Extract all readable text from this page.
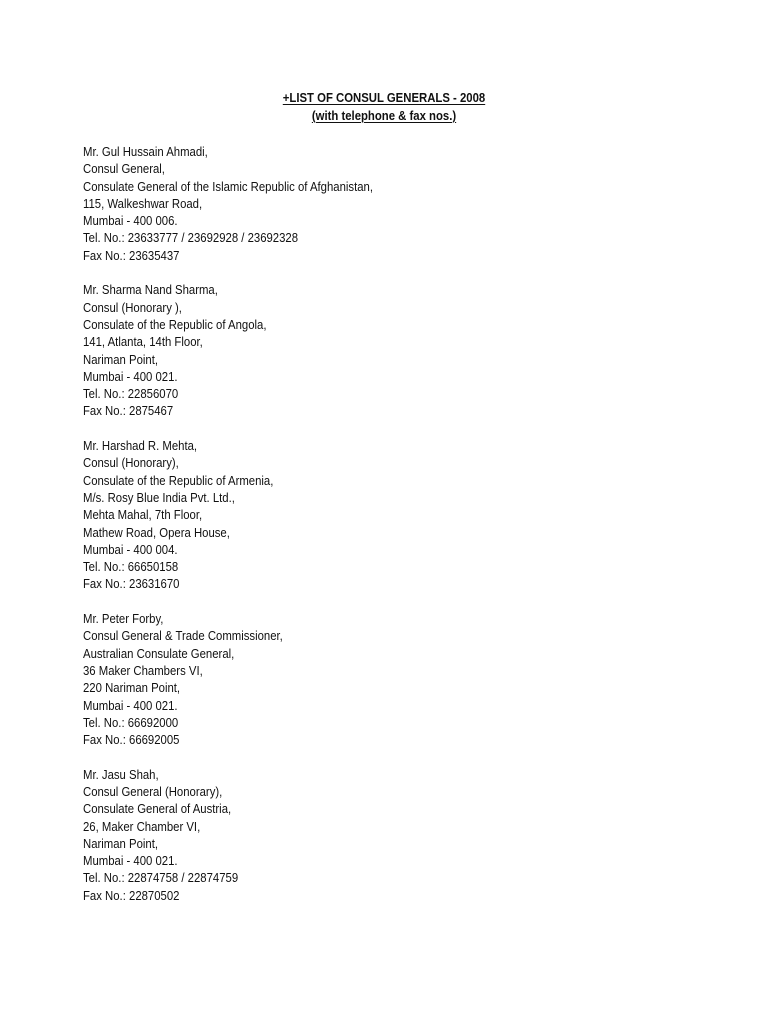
+LIST OF CONSUL GENERALS - 2008
(with telephone & fax nos.)
Mr. Gul Hussain Ahmadi,
Consul General,
Consulate General of the Islamic Republic of Afghanistan,
115, Walkeshwar Road,
Mumbai - 400 006.
Tel. No.: 23633777 / 23692928 / 23692328
Fax No.: 23635437
Mr. Sharma Nand Sharma,
Consul (Honorary ),
Consulate of the Republic of Angola,
141, Atlanta, 14th Floor,
Nariman Point,
Mumbai - 400 021.
Tel. No.: 22856070
Fax No.: 2875467
Mr. Harshad R. Mehta,
Consul (Honorary),
Consulate of the Republic of Armenia,
M/s. Rosy Blue India Pvt. Ltd.,
Mehta Mahal, 7th Floor,
Mathew Road, Opera House,
Mumbai - 400 004.
Tel. No.: 66650158
Fax No.: 23631670
Mr. Peter Forby,
Consul General & Trade Commissioner,
Australian Consulate General,
36 Maker Chambers VI,
220 Nariman Point,
Mumbai - 400 021.
Tel. No.: 66692000
Fax No.: 66692005
Mr. Jasu Shah,
Consul General (Honorary),
Consulate General of Austria,
26, Maker Chamber VI,
Nariman Point,
Mumbai - 400 021.
Tel. No.: 22874758 / 22874759
Fax No.: 22870502
